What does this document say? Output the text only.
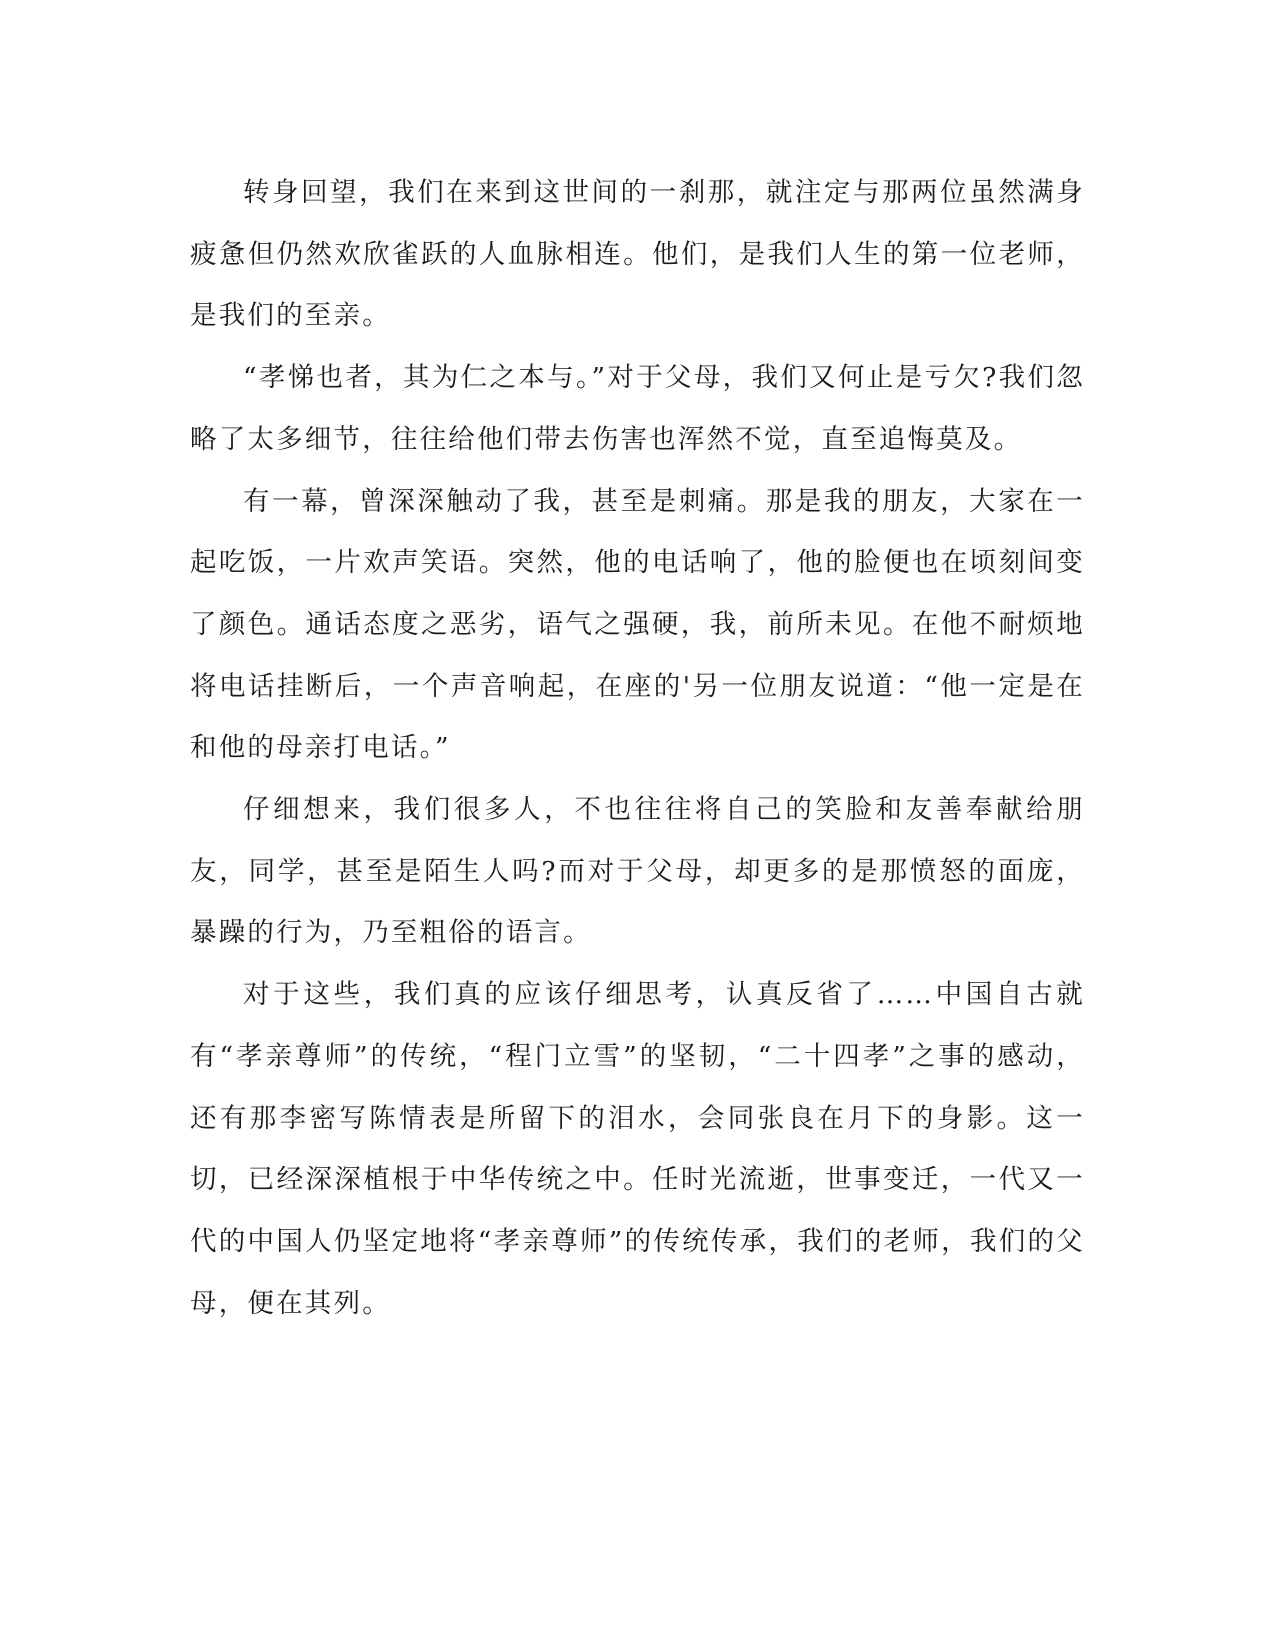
转身回望，我们在来到这世间的一刹那，就注定与那两位虽然满身疲惫但仍然欢欣雀跃的人血脉相连。他们，是我们人生的第一位老师，是我们的至亲。

“孝悌也者，其为仁之本与。”对于父母，我们又何止是亏欠?我们忽略了太多细节，往往给他们带去伤害也浑然不觉，直至追悔莫及。

有一幕，曾深深触动了我，甚至是刺痛。那是我的朋友，大家在一起吃饭，一片欢声笑语。突然，他的电话响了，他的脸便也在顷刻间变了颜色。通话态度之恶劣，语气之强硬，我，前所未见。在他不耐烦地将电话挂断后，一个声音响起，在座的'另一位朋友说道：“他一定是在和他的母亲打电话。”

仔细想来，我们很多人，不也往往将自己的笑脸和友善奉献给朋友，同学，甚至是陌生人吗?而对于父母，却更多的是那愤怒的面庞，暴躁的行为，乃至粗俗的语言。

对于这些，我们真的应该仔细思考，认真反省了……中国自古就有“孝亲尊师”的传统，“程门立雪”的坚韧，“二十四孝”之事的感动，还有那李密写陈情表是所留下的泪水，会同张良在月下的身影。这一切，已经深深植根于中华传统之中。任时光流逝，世事变迁，一代又一代的中国人仍坚定地将“孝亲尊师”的传统传承，我们的老师，我们的父母，便在其列。
